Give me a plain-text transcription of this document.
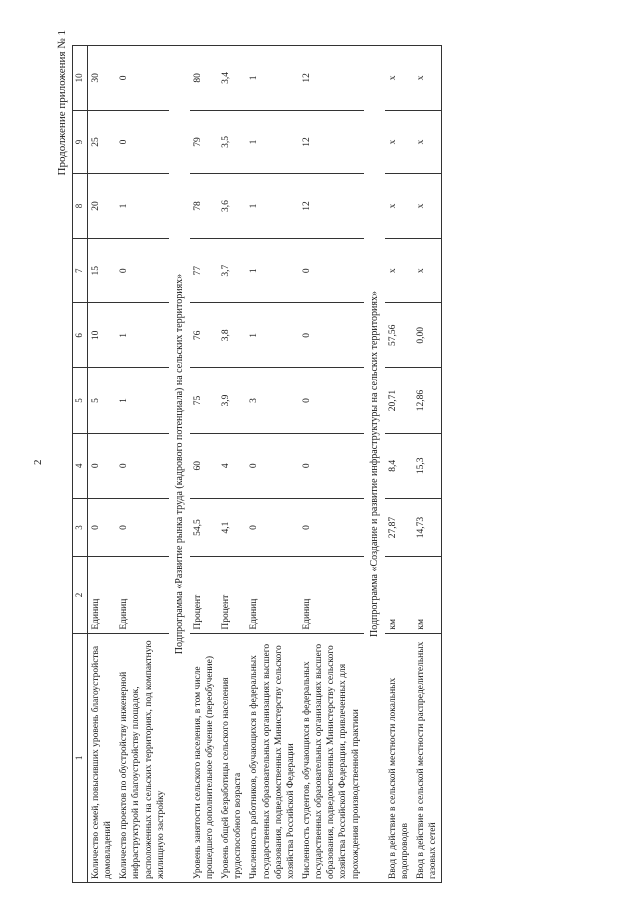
2
Продолжение приложения № 1
1	2	3	4	5	6	7	8	9	10
Количество семей, повысивших уровень благоустройства домовладений	Единиц	0	0	5	10	15	20	25	30
Количество проектов по обустройству инженерной инфраструктурой и благоустройству площадок, расположенных на сельских территориях, под компактную жилищную застройку	Единиц	0	0	1	1	0	1	0	0
Подпрограмма «Развитие рынка труда (кадрового потенциала) на сельских территориях»									
Уровень занятости сельского населения, в том числе прошедшего дополнительное обучение (переобучение)	Процент	54,5	60	75	76	77	78	79	80
Уровень общей безработицы сельского населения трудоспособного возраста	Процент	4,1	4	3,9	3,8	3,7	3,6	3,5	3,4
Численность работников, обучающихся в федеральных государственных образовательных организациях высшего образования, подведомственных Министерству сельского хозяйства Российской Федерации	Единиц	0	0	3	1	1	1	1	1
Численность студентов, обучающихся в федеральных государственных образовательных организациях высшего образования, подведомственных Министерству сельского хозяйства Российской Федерации, привлеченных для прохождения производственной практики	Единиц	0	0	0	0	0	12	12	12
Подпрограмма «Создание и развитие инфраструктуры на сельских территориях»									
Ввод в действие в сельской местности локальных водопроводов	км	27,87	8,4	20,71	57,56	х	х	х	х
Ввод в действие в сельской местности распределительных газовых сетей	км	14,73	15,3	12,86	0,00	х	х	х	х
